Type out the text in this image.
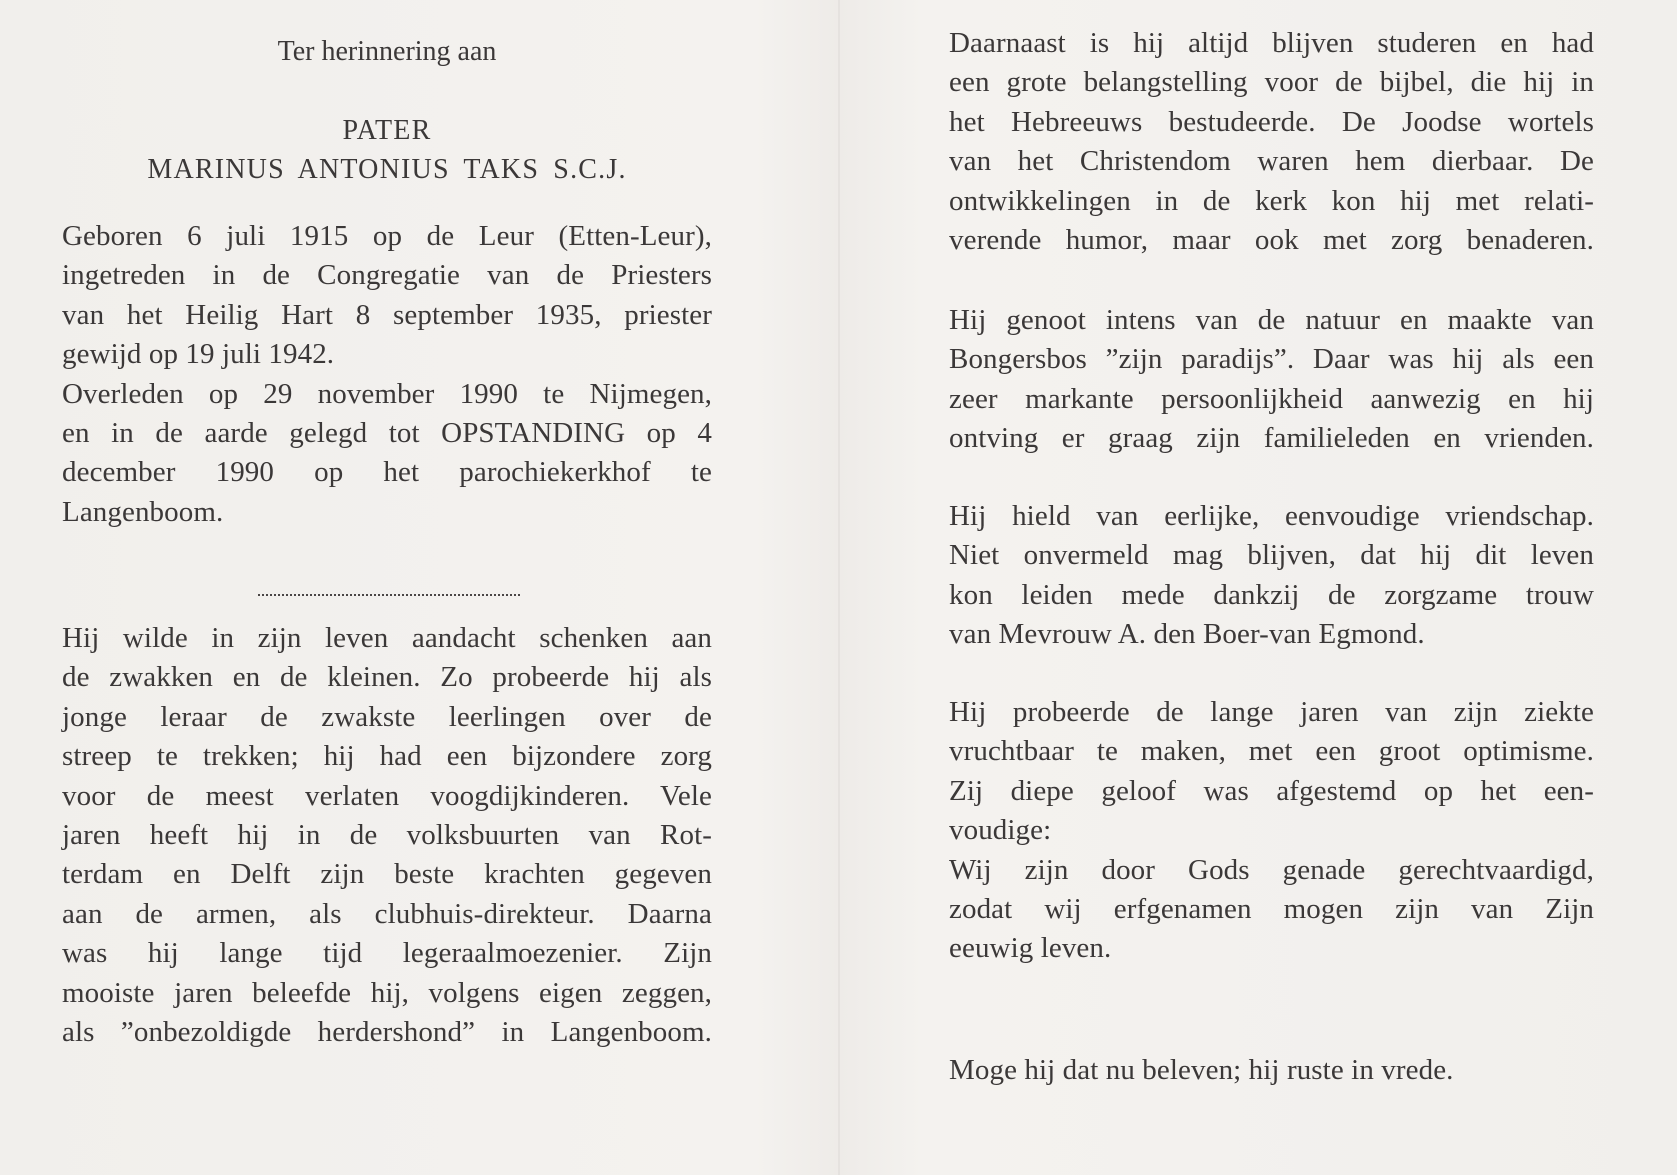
Ter herinnering aan
PATER
MARINUS ANTONIUS TAKS S.C.J.
Geboren 6 juli 1915 op de Leur (Etten-Leur),
ingetreden in de Congregatie van de Priesters
van het Heilig Hart 8 september 1935, priester
gewijd op 19 juli 1942.
Overleden op 29 november 1990 te Nijmegen,
en in de aarde gelegd tot OPSTANDING op 4
december 1990 op het parochiekerkhof te
Langenboom.
Hij wilde in zijn leven aandacht schenken aan
de zwakken en de kleinen. Zo probeerde hij als
jonge leraar de zwakste leerlingen over de
streep te trekken; hij had een bijzondere zorg
voor de meest verlaten voogdijkinderen. Vele
jaren heeft hij in de volksbuurten van Rot-
terdam en Delft zijn beste krachten gegeven
aan de armen, als clubhuis-direkteur. Daarna
was hij lange tijd legeraalmoezenier. Zijn
mooiste jaren beleefde hij, volgens eigen zeggen,
als ”onbezoldigde herdershond” in Langenboom.
Daarnaast is hij altijd blijven studeren en had
een grote belangstelling voor de bijbel, die hij in
het Hebreeuws bestudeerde. De Joodse wortels
van het Christendom waren hem dierbaar. De
ontwikkelingen in de kerk kon hij met relati-
verende humor, maar ook met zorg benaderen.
Hij genoot intens van de natuur en maakte van
Bongersbos ”zijn paradijs”. Daar was hij als een
zeer markante persoonlijkheid aanwezig en hij
ontving er graag zijn familieleden en vrienden.
Hij hield van eerlijke, eenvoudige vriendschap.
Niet onvermeld mag blijven, dat hij dit leven
kon leiden mede dankzij de zorgzame trouw
van Mevrouw A. den Boer-van Egmond.
Hij probeerde de lange jaren van zijn ziekte
vruchtbaar te maken, met een groot optimisme.
Zij diepe geloof was afgestemd op het een-
voudige:
Wij zijn door Gods genade gerechtvaardigd,
zodat wij erfgenamen mogen zijn van Zijn
eeuwig leven.
Moge hij dat nu beleven; hij ruste in vrede.
